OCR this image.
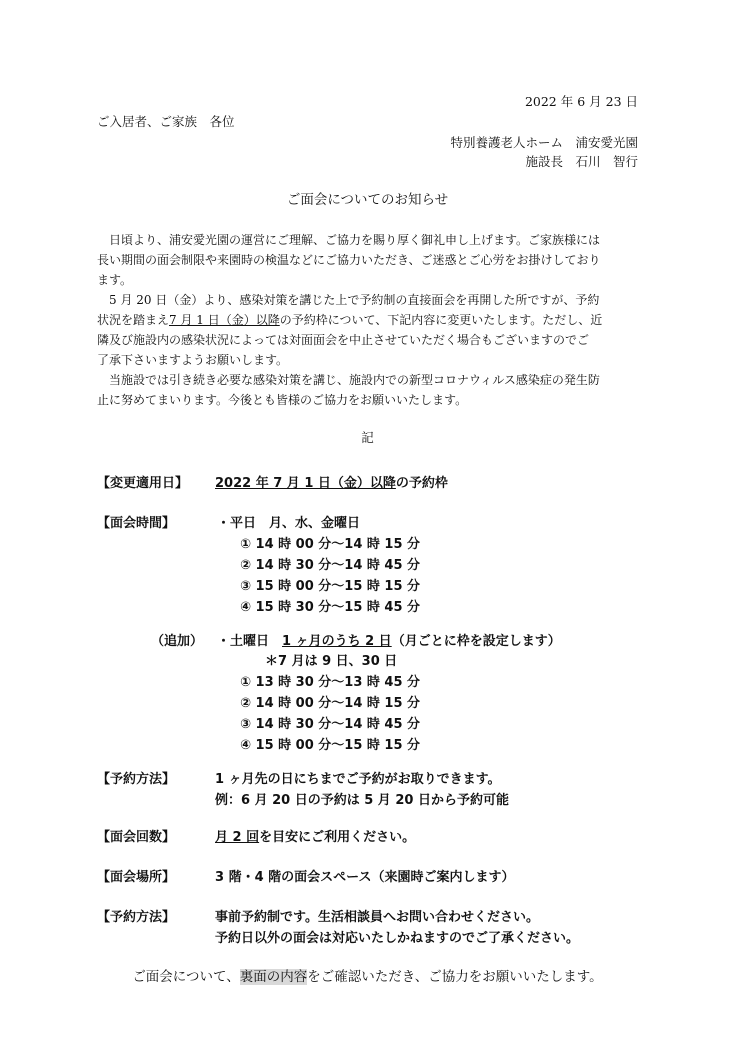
2022 年 6 月 23 日
ご入居者、ご家族　各位
特別養護老人ホーム　浦安愛光園
施設長　石川　智行
ご面会についてのお知らせ
　日頃より、浦安愛光園の運営にご理解、ご協力を賜り厚く御礼申し上げます。ご家族様には
長い期間の面会制限や来園時の検温などにご協力いただき、ご迷惑とご心労をお掛けしており
ます。
　5 月 20 日（金）より、感染対策を講じた上で予約制の直接面会を再開した所ですが、予約
状況を踏まえ7 月 1 日（金）以降の予約枠について、下記内容に変更いたします。ただし、近
隣及び施設内の感染状況によっては対面面会を中止させていただく場合もございますのでご
了承下さいますようお願いします。
　当施設では引き続き必要な感染対策を講じ、施設内での新型コロナウィルス感染症の発生防
止に努めてまいります。今後とも皆様のご協力をお願いいたします。
記
【変更適用日】 2022 年 7 月 1 日（金）以降の予約枠
【面会時間】	・平日　月、水、金曜日
① 14 時 00 分～14 時 15 分
② 14 時 30 分～14 時 45 分
③ 15 時 00 分～15 時 15 分
④ 15 時 30 分～15 時 45 分
（追加） ・土曜日　1 ヶ月のうち 2 日（月ごとに枠を設定します）
＊7 月は 9 日、30 日
① 13 時 30 分～13 時 45 分
② 14 時 00 分～14 時 15 分
③ 14 時 30 分～14 時 45 分
④ 15 時 00 分～15 時 15 分
【予約方法】	1 ヶ月先の日にちまでご予約がお取りできます。
例：6 月 20 日の予約は 5 月 20 日から予約可能
【面会回数】	月 2 回を目安にご利用ください。
【面会場所】	3 階・4 階の面会スペース（来園時ご案内します）
【予約方法】	事前予約制です。生活相談員へお問い合わせください。
予約日以外の面会は対応いたしかねますのでご了承ください。
ご面会について、裏面の内容をご確認いただき、ご協力をお願いいたします。
